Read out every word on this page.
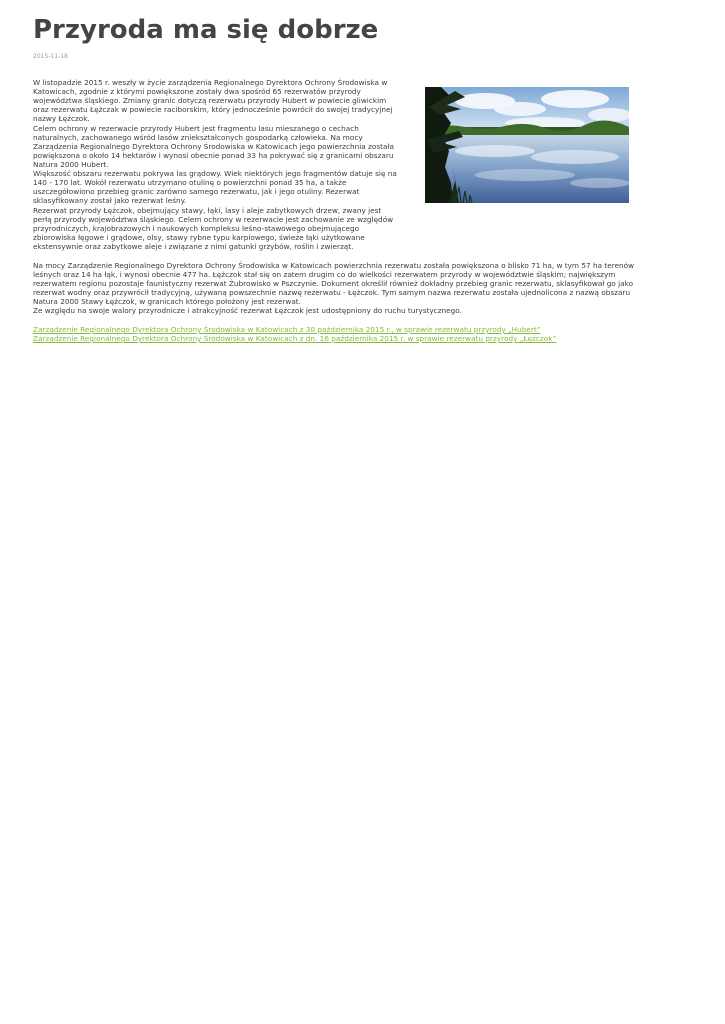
Przyroda ma się dobrze
2015-11-18

W listopadzie 2015 r. weszły w życie zarządzenia Regionalnego Dyrektora Ochrony Środowiska w Katowicach, zgodnie z którymi powiększone zostały dwa spośród 65 rezerwatów przyrody województwa śląskiego. Zmiany granic dotyczą rezerwatu przyrody Hubert w powiecie gliwickim oraz rezerwatu Łężczak w powiecie raciborskim, który jednocześnie powrócił do swojej tradycyjnej nazwy Łężczok.

Celem ochrony w rezerwacie przyrody Hubert jest fragmentu lasu mieszanego o cechach naturalnych, zachowanego wśród lasów zniekształconych gospodarką człowieka. Na mocy Zarządzenia Regionalnego Dyrektora Ochrony Środowiska w Katowicach jego powierzchnia została powiększona o około 14 hektarów i wynosi obecnie ponad 33 ha pokrywać się z granicami obszaru Natura 2000 Hubert.

Większość obszaru rezerwatu pokrywa las grądowy. Wiek niektórych jego fragmentów datuje się na 140 - 170 lat. Wokół rezerwatu utrzymano otulinę o powierzchni ponad 35 ha, a także uszczegółowiono przebieg granic zarówno samego rezerwatu, jak i jego otuliny. Rezerwat sklasyfikowany został jako rezerwat leśny.

Rezerwat przyrody Łężczok, obejmujący stawy, łąki, lasy i aleje zabytkowych drzew, zwany jest perłą przyrody województwa śląskiego. Celem ochrony w rezerwacie jest zachowanie ze względów przyrodniczych, krajobrazowych i naukowych kompleksu leśno-stawowego obejmującego zbiorowiska łęgowe i grądowe, olsy, stawy rybne typu karpiowego, świeże łąki użytkowane ekstensywnie oraz zabytkowe aleje i związane z nimi gatunki grzybów, roślin i zwierząt.

Na mocy Zarządzenie Regionalnego Dyrektora Ochrony Środowiska w Katowicach powierzchnia rezerwatu została powiększona o blisko 71 ha, w tym 57 ha terenów leśnych oraz 14 ha łąk, i wynosi obecnie 477 ha. Łężczok stał się on zatem drugim co do wielkości rezerwatem przyrody w województwie śląskim; największym rezerwatem regionu pozostaje faunistyczny rezerwat Żubrowisko w Pszczynie. Dokument określił również dokładny przebieg granic rezerwatu, sklasyfikował go jako rezerwat wodny oraz przywrócił tradycyjną, używaną powszechnie nazwę rezerwatu - Łężczok. Tym samym nazwa rezerwatu została ujednolicona z nazwą obszaru Natura 2000 Stawy Łężczok, w granicach którego położony jest rezerwat.

Ze względu na swoje walory przyrodnicze i atrakcyjność rezerwat Łężczok jest udostępniony do ruchu turystycznego.

Zarządzenie Regionalnego Dyrektora Ochrony Środowiska w Katowicach z 30 października 2015 r., w sprawie rezerwatu przyrody „Hubert”
Zarządzenie Regionalnego Dyrektora Ochrony Środowiska w Katowicach z dn. 16 października 2015 r. w sprawie rezerwatu przyrody „Łężczok”
